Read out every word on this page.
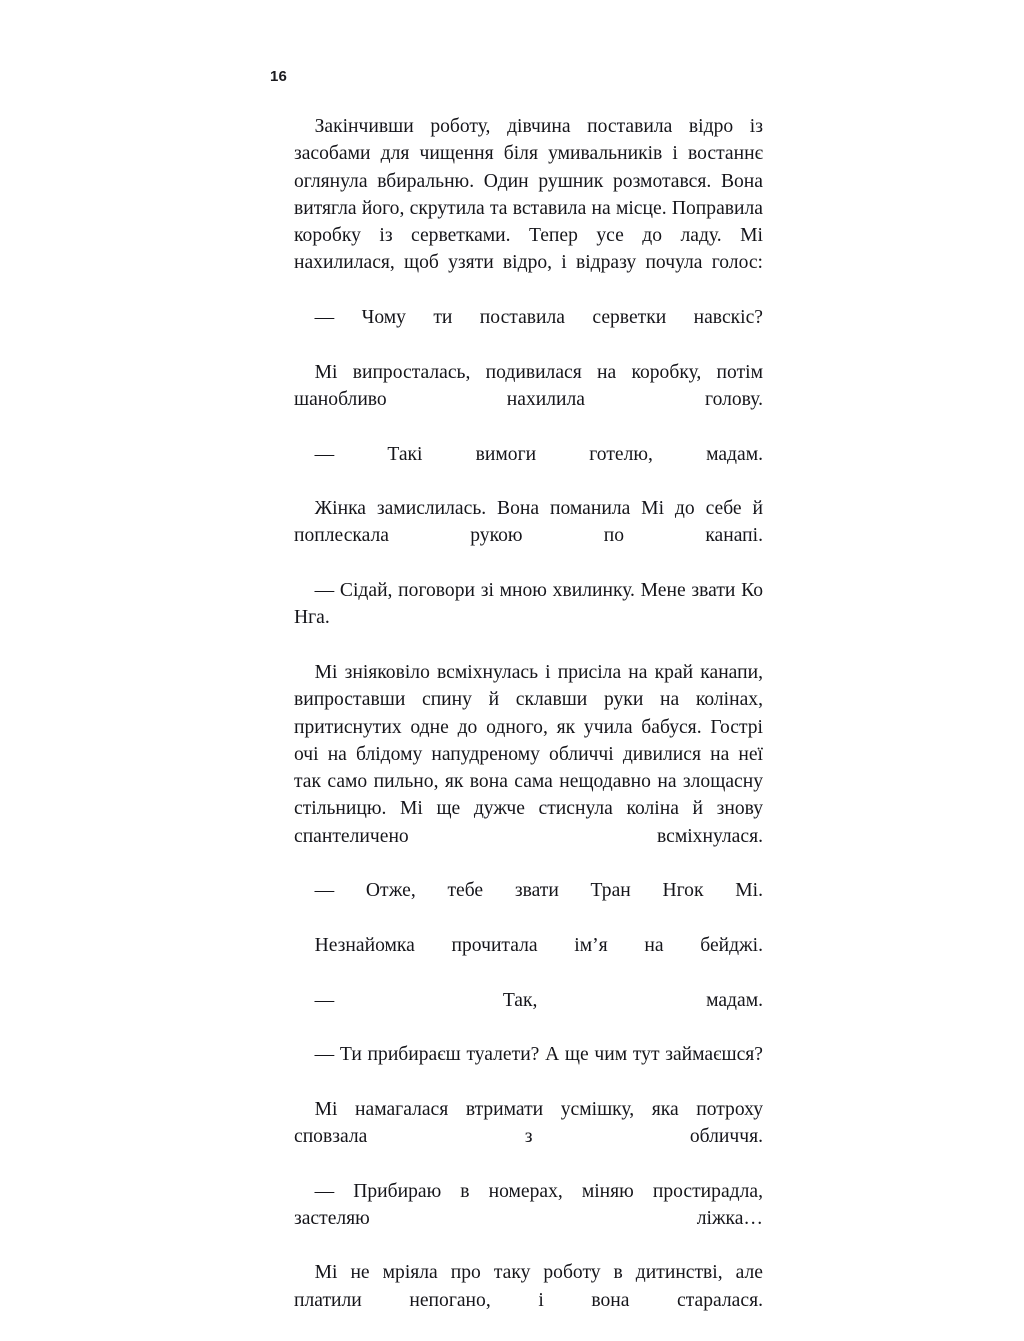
16

Закінчивши роботу, дівчина поставила відро із засобами для чищення біля умивальників і востаннє оглянула вбиральню. Один рушник розмотався. Вона витягла його, скрутила та вставила на місце. Поправила коробку із серветками. Тепер усе до ладу. Мі нахилилася, щоб узяти відро, і відразу почула голос:

— Чому ти поставила серветки навскіс?

Мі випросталась, подивилася на коробку, потім шанобливо нахилила голову.

— Такі вимоги готелю, мадам.

Жінка замислилась. Вона поманила Мі до себе й поплескала рукою по канапі.

— Сідай, поговори зі мною хвилинку. Мене звати Ко Нга.

Мі зніяковіло всміхнулась і присіла на край канапи, випроставши спину й склавши руки на колінах, притиснутих одне до одного, як учила бабуся. Гострі очі на блідому напудреному обличчі дивилися на неї так само пильно, як вона сама нещодавно на злощасну стільницю. Мі ще дужче стиснула коліна й знову спантеличено всміхнулася.

— Отже, тебе звати Тран Нгок Мі.

Незнайомка прочитала ім’я на бейджі.

— Так, мадам.

— Ти прибираєш туалети? А ще чим тут займаєшся?

Мі намагалася втримати усмішку, яка потроху сповзала з обличчя.

— Прибираю в номерах, міняю простирадла, застеляю ліжка…

Мі не мріяла про таку роботу в дитинстві, але платили непогано, і вона старалася.
